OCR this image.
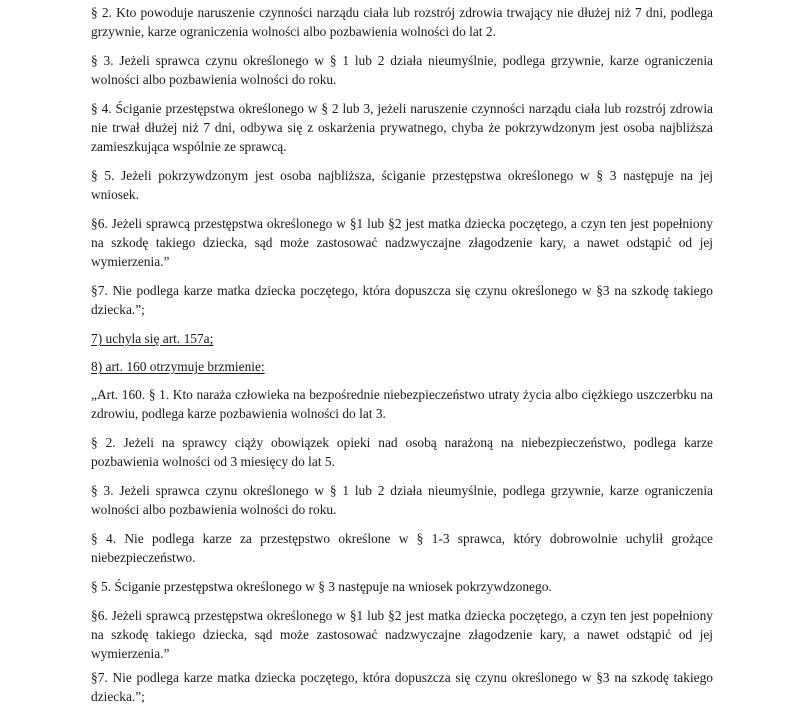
§ 2. Kto powoduje naruszenie czynności narządu ciała lub rozstrój zdrowia trwający nie dłużej niż 7 dni, podlega grzywnie, karze ograniczenia wolności albo pozbawienia wolności do lat 2.

§ 3. Jeżeli sprawca czynu określonego w § 1 lub 2 działa nieumyślnie, podlega grzywnie, karze ograniczenia wolności albo pozbawienia wolności do roku.

§ 4. Ściganie przestępstwa określonego w § 2 lub 3, jeżeli naruszenie czynności narządu ciała lub rozstrój zdrowia nie trwał dłużej niż 7 dni, odbywa się z oskarżenia prywatnego, chyba że pokrzywdzonym jest osoba najbliższa zamieszkująca wspólnie ze sprawcą.

§ 5. Jeżeli pokrzywdzonym jest osoba najbliższa, ściganie przestępstwa określonego w § 3 następuje na jej wniosek.

§6. Jeżeli sprawcą przestępstwa określonego w §1 lub §2 jest matka dziecka poczętego, a czyn ten jest popełniony na szkodę takiego dziecka, sąd może zastosować nadzwyczajne złagodzenie kary, a nawet odstąpić od jej wymierzenia.”

§7. Nie podlega karze matka dziecka poczętego, która dopuszcza się czynu określonego w §3 na szkodę takiego dziecka.”;

7) uchyla się art. 157a;

8) art. 160 otrzymuje brzmienie:

„Art. 160. § 1. Kto naraża człowieka na bezpośrednie niebezpieczeństwo utraty życia albo ciężkiego uszczerbku na zdrowiu, podlega karze pozbawienia wolności do lat 3.

§ 2. Jeżeli na sprawcy ciąży obowiązek opieki nad osobą narażoną na niebezpieczeństwo, podlega karze pozbawienia wolności od 3 miesięcy do lat 5.

§ 3. Jeżeli sprawca czynu określonego w § 1 lub 2 działa nieumyślnie, podlega grzywnie, karze ograniczenia wolności albo pozbawienia wolności do roku.

§ 4. Nie podlega karze za przestępstwo określone w § 1-3 sprawca, który dobrowolnie uchylił grożące niebezpieczeństwo.

§ 5. Ściganie przestępstwa określonego w § 3 następuje na wniosek pokrzywdzonego.

§6. Jeżeli sprawcą przestępstwa określonego w §1 lub §2 jest matka dziecka poczętego, a czyn ten jest popełniony na szkodę takiego dziecka, sąd może zastosować nadzwyczajne złagodzenie kary, a nawet odstąpić od jej wymierzenia.”

§7. Nie podlega karze matka dziecka poczętego, która dopuszcza się czynu określonego w §3 na szkodę takiego dziecka.”;
